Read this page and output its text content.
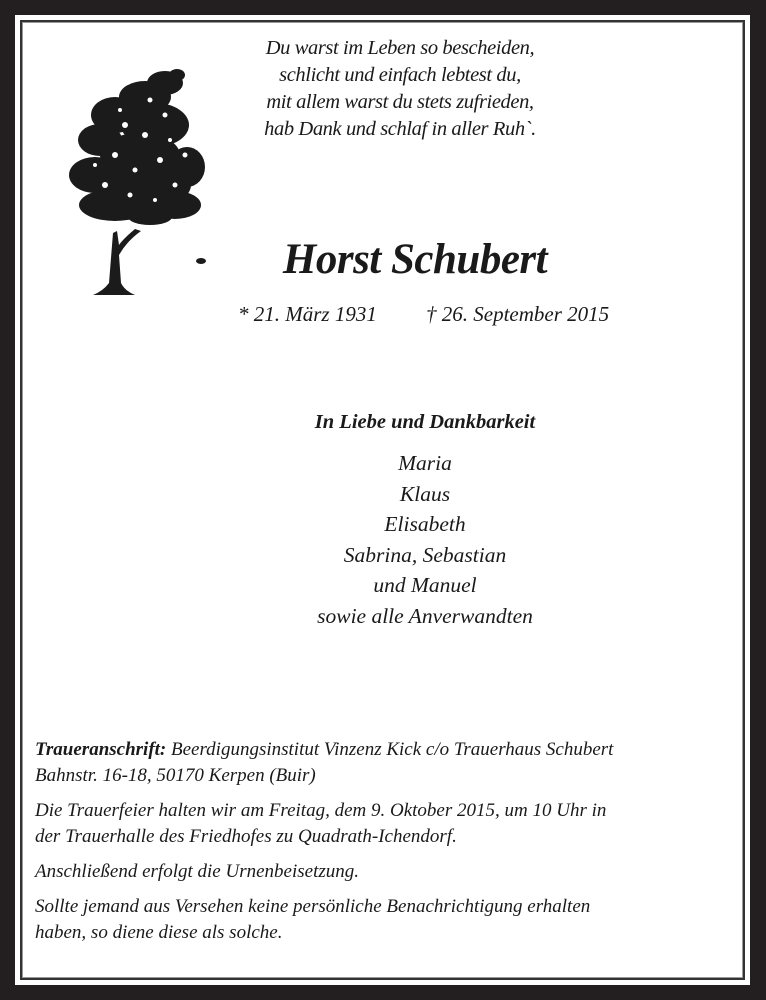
Du warst im Leben so bescheiden,
schlicht und einfach lebtest du,
mit allem warst du stets zufrieden,
hab Dank und schlaf in aller Ruh`.
Horst Schubert
* 21. März 1931 † 26. September 2015
In Liebe und Dankbarkeit
Maria
Klaus
Elisabeth
Sabrina, Sebastian
und Manuel
sowie alle Anverwandten

Traueranschrift: Beerdigungsinstitut Vinzenz Kick c/o Trauerhaus Schubert
Bahnstr. 16-18, 50170 Kerpen (Buir)

Die Trauerfeier halten wir am Freitag, dem 9. Oktober 2015, um 10 Uhr in
der Trauerhalle des Friedhofes zu Quadrath-Ichendorf.

Anschließend erfolgt die Urnenbeisetzung.

Sollte jemand aus Versehen keine persönliche Benachrichtigung erhalten
haben, so diene diese als solche.
